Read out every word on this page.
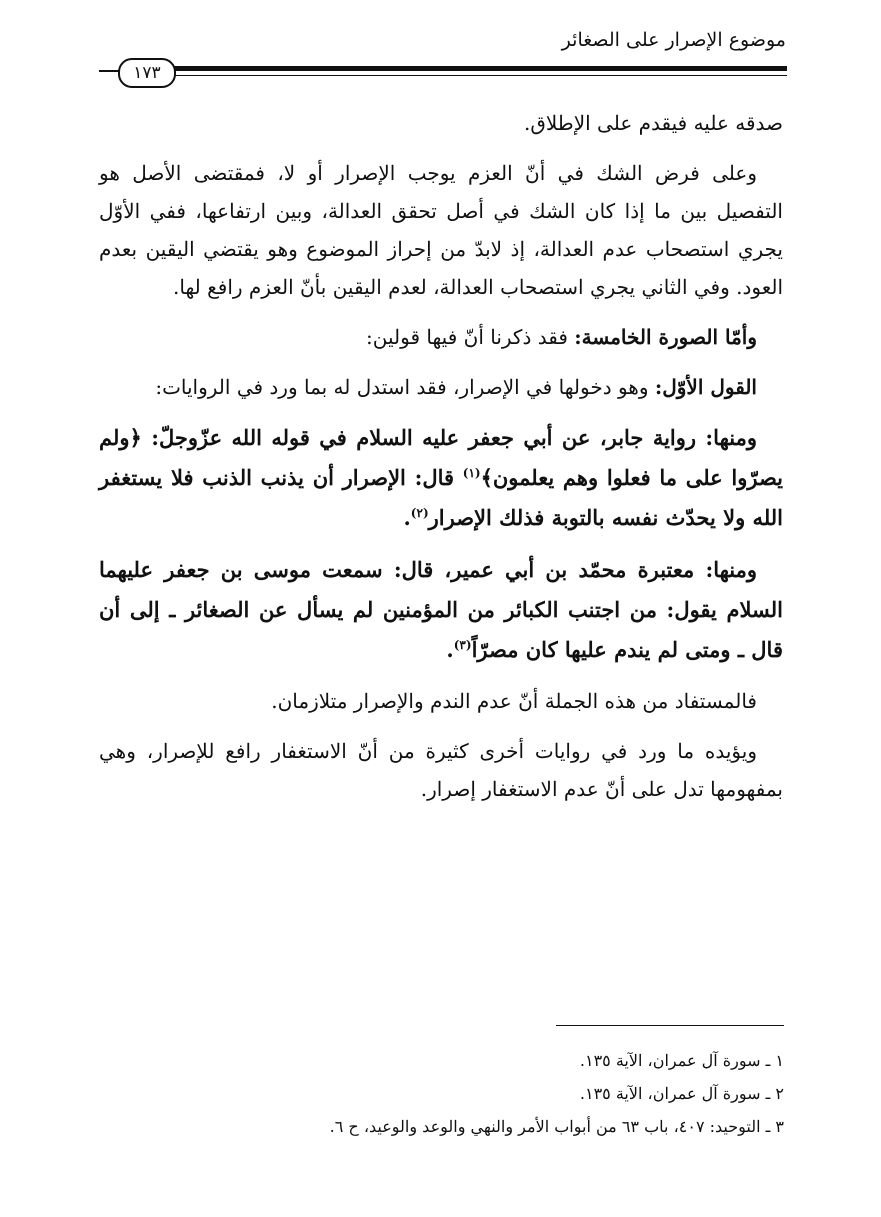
موضوع الإصرار على الصغائر
١٧٣

صدقه عليه فيقدم على الإطلاق.

وعلى فرض الشك في أنّ العزم يوجب الإصرار أو لا، فمقتضى الأصل هو التفصيل بين ما إذا كان الشك في أصل تحقق العدالة، وبين ارتفاعها، ففي الأوّل يجري استصحاب عدم العدالة، إذ لابدّ من إحراز الموضوع وهو يقتضي اليقين بعدم العود. وفي الثاني يجري استصحاب العدالة، لعدم اليقين بأنّ العزم رافع لها.

وأمّا الصورة الخامسة: فقد ذكرنا أنّ فيها قولين:

القول الأوّل: وهو دخولها في الإصرار، فقد استدل له بما ورد في الروايات:

ومنها: رواية جابر، عن أبي جعفر عليه السلام في قوله الله عزّوجلّ: ﴿ولم يصرّوا على ما فعلوا وهم يعلمون﴾$^{(١)}$ قال: الإصرار أن يذنب الذنب فلا يستغفر الله ولا يحدّث نفسه بالتوبة فذلك الإصرار$^{(٢)}$.

ومنها: معتبرة محمّد بن أبي عمير، قال: سمعت موسى بن جعفر عليهما السلام يقول: من اجتنب الكبائر من المؤمنين لم يسأل عن الصغائر ـ إلى أن قال ـ ومتى لم يندم عليها كان مصرّاً$^{(٣)}$.

فالمستفاد من هذه الجملة أنّ عدم الندم والإصرار متلازمان.

ويؤيده ما ورد في روايات أخرى كثيرة من أنّ الاستغفار رافع للإصرار، وهي بمفهومها تدل على أنّ عدم الاستغفار إصرار.

١ ـ سورة آل عمران، الآية ١٣٥.
٢ ـ سورة آل عمران، الآية ١٣٥.
٣ ـ التوحيد: ٤٠٧، باب ٦٣ من أبواب الأمر والنهي والوعد والوعيد، ح ٦.
